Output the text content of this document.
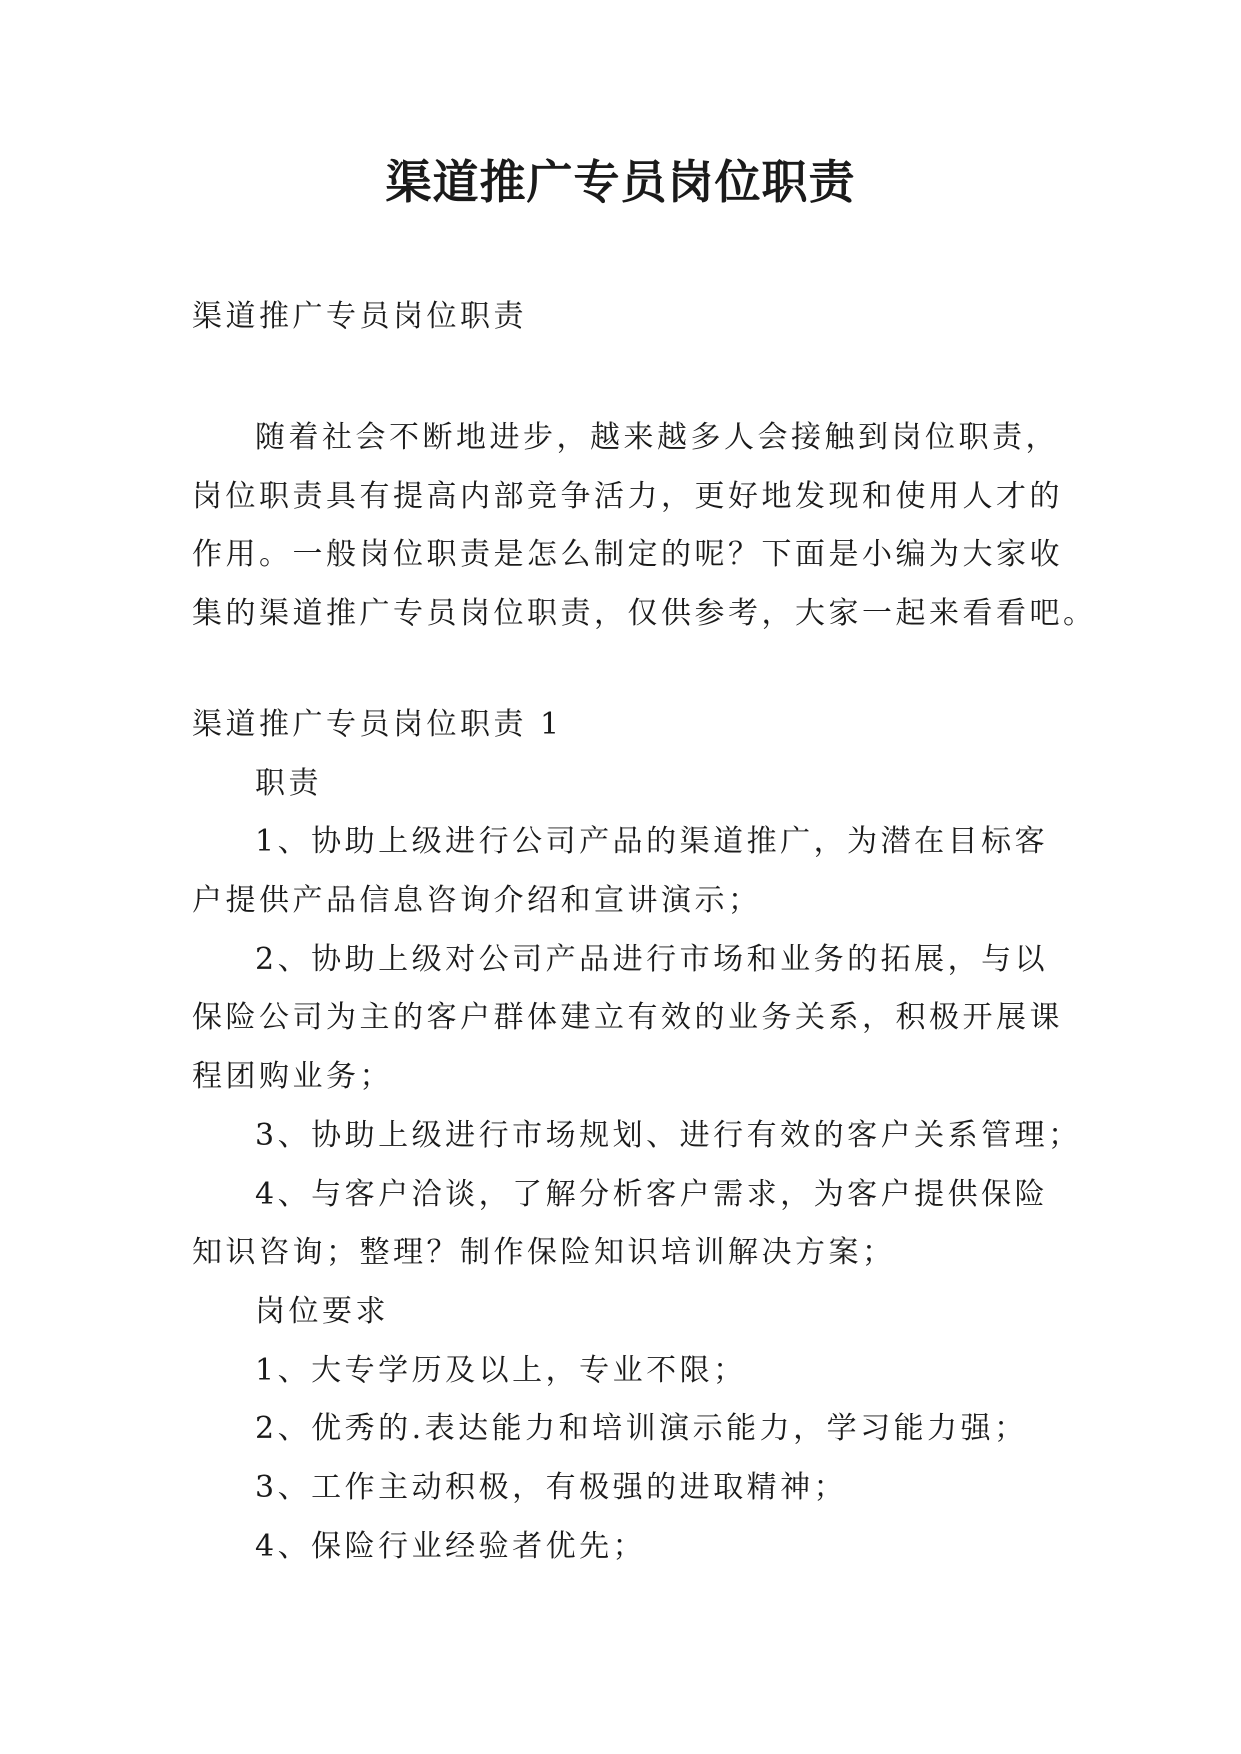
渠道推广专员岗位职责
渠道推广专员岗位职责
随着社会不断地进步，越来越多人会接触到岗位职责，
岗位职责具有提高内部竞争活力，更好地发现和使用人才的
作用。一般岗位职责是怎么制定的呢？下面是小编为大家收
集的渠道推广专员岗位职责，仅供参考，大家一起来看看吧。
渠道推广专员岗位职责 1
职责
1、协助上级进行公司产品的渠道推广，为潜在目标客
户提供产品信息咨询介绍和宣讲演示；
2、协助上级对公司产品进行市场和业务的拓展，与以
保险公司为主的客户群体建立有效的业务关系，积极开展课
程团购业务；
3、协助上级进行市场规划、进行有效的客户关系管理；
4、与客户洽谈，了解分析客户需求，为客户提供保险
知识咨询；整理？制作保险知识培训解决方案；
岗位要求
1、大专学历及以上，专业不限；
2、优秀的.表达能力和培训演示能力，学习能力强；
3、工作主动积极，有极强的进取精神；
4、保险行业经验者优先；
